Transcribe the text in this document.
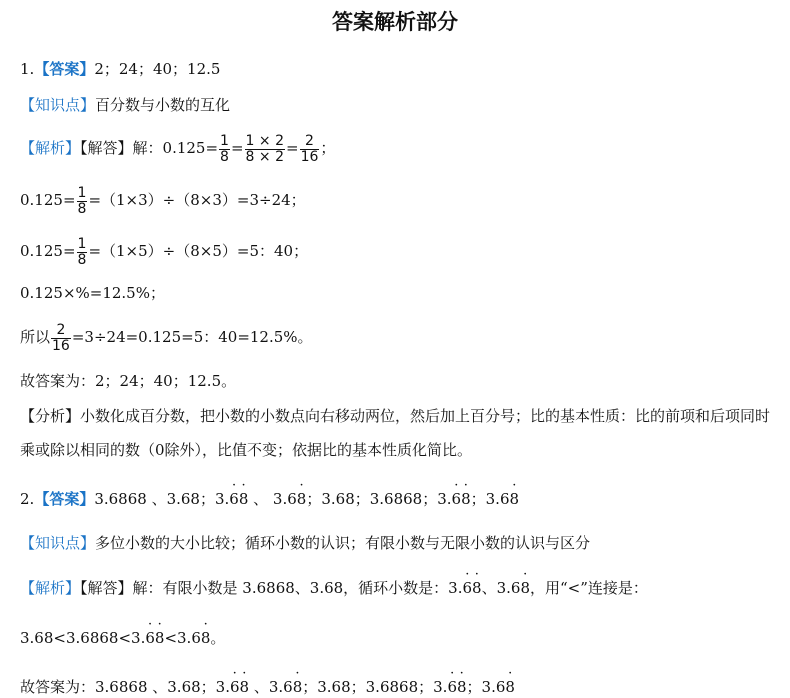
答案解析部分
1.【答案】2；24；40；12.5
【知识点】百分数与小数的互化
【解析】【解答】解：$0.125= \frac{1}{8} = \frac{1 \times 2}{8 \times 2} = \frac{2}{16}$ ；
$0.125= \frac{1}{8} =(1\times 3)\div(8\times 3)=3\div 24$；
$0.125= \frac{1}{8} =(1\times 5)\div(8\times 5)=5$：40；
0.125×%=12.5%；
所以 $\frac{2}{16} =3\div 24=0.125=5$：40=12.5%。
故答案为：2；24；40；12.5。
【分析】小数化成百分数，把小数的小数点向右移动两位，然后加上百分号；比的基本性质：比的前项和后项同时乘或除以相同的数（0除外），比值不变；依据比的基本性质化简比。
2.【答案】3.6868 、3.68；3.
·
6
·
8 、 3.6
·
8；3.68；3.6868；3.
·
6
·
8；3.6
·
8
【知识点】多位小数的大小比较；循环小数的认识；有限小数与无限小数的认识与区分
【解析】【解答】解：有限小数是 3.6868、3.68，循环小数是：3.
·
6
·
8、3.6
·
8，用“<”连接是：
3.68<3.6868<3.
·
6
·
8<3.6
·
8。
故答案为：3.6868 、3.68；3.
·
6
·
8 、3.6
·
8；3.68；3.6868；3.
·
6
·
8；3.6
·
8
